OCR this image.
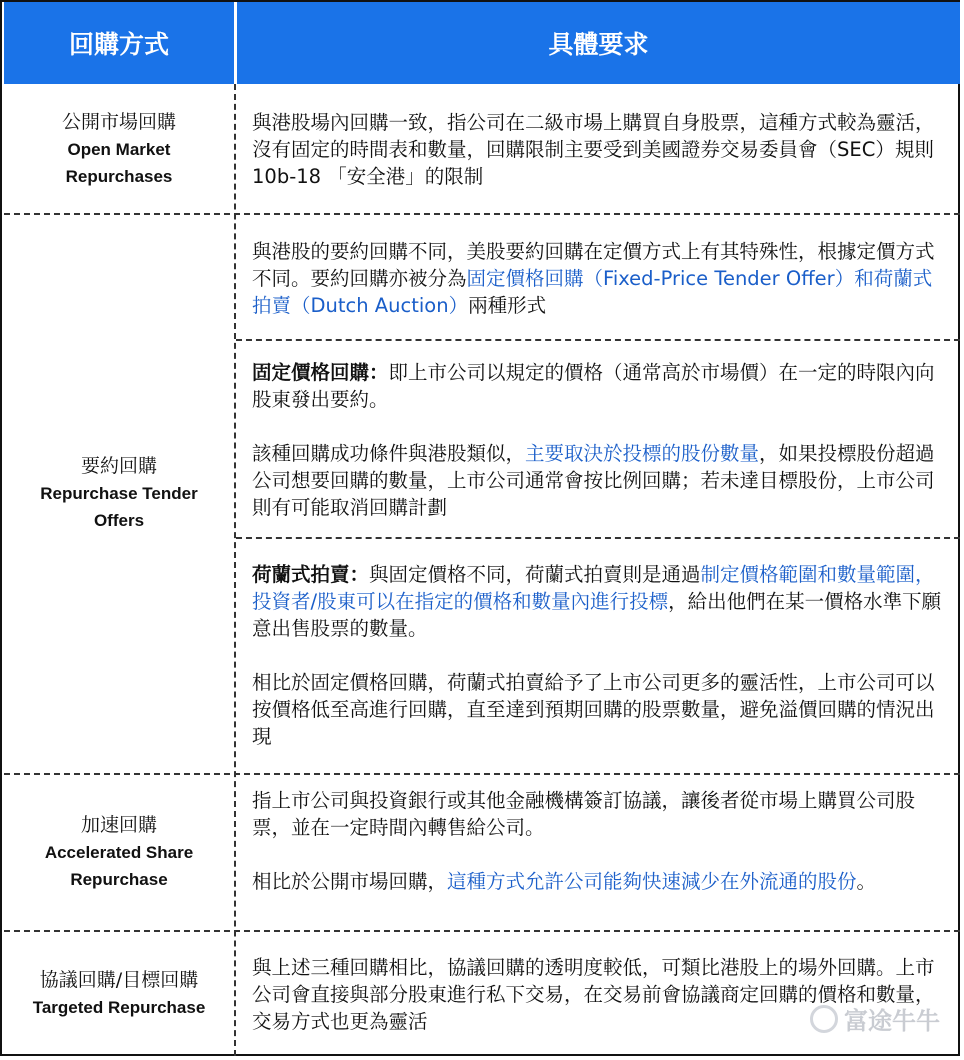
回購方式	具體要求
公開市場回購
Open Market
Repurchases

與港股場內回購一致，指公司在二級市場上購買自身股票，這種方式較為靈活，沒有固定的時間表和數量，回購限制主要受到美國證券交易委員會（SEC）規則 10b-18 「安全港」的限制

要約回購
Repurchase Tender
Offers

與港股的要約回購不同，美股要約回購在定價方式上有其特殊性，根據定價方式不同。要約回購亦被分為固定價格回購（Fixed-Price Tender Offer）和荷蘭式拍賣（Dutch Auction）兩種形式

固定價格回購：即上市公司以規定的價格（通常高於市場價）在一定的時限內向股東發出要約。

該種回購成功條件與港股類似，主要取決於投標的股份數量，如果投標股份超過公司想要回購的數量，上市公司通常會按比例回購；若未達目標股份，上市公司則有可能取消回購計劃

荷蘭式拍賣：與固定價格不同，荷蘭式拍賣則是通過制定價格範圍和數量範圍，投資者/股東可以在指定的價格和數量內進行投標，給出他們在某一價格水準下願意出售股票的數量。

相比於固定價格回購，荷蘭式拍賣給予了上市公司更多的靈活性，上市公司可以按價格低至高進行回購，直至達到預期回購的股票數量，避免溢價回購的情況出現

加速回購
Accelerated Share
Repurchase

指上市公司與投資銀行或其他金融機構簽訂協議，讓後者從市場上購買公司股票，並在一定時間內轉售給公司。

相比於公開市場回購，這種方式允許公司能夠快速減少在外流通的股份。

協議回購/目標回購
Targeted Repurchase

與上述三種回購相比，協議回購的透明度較低，可類比港股上的場外回購。上市公司會直接與部分股東進行私下交易，在交易前會協議商定回購的價格和數量，交易方式也更為靈活	富途牛牛
